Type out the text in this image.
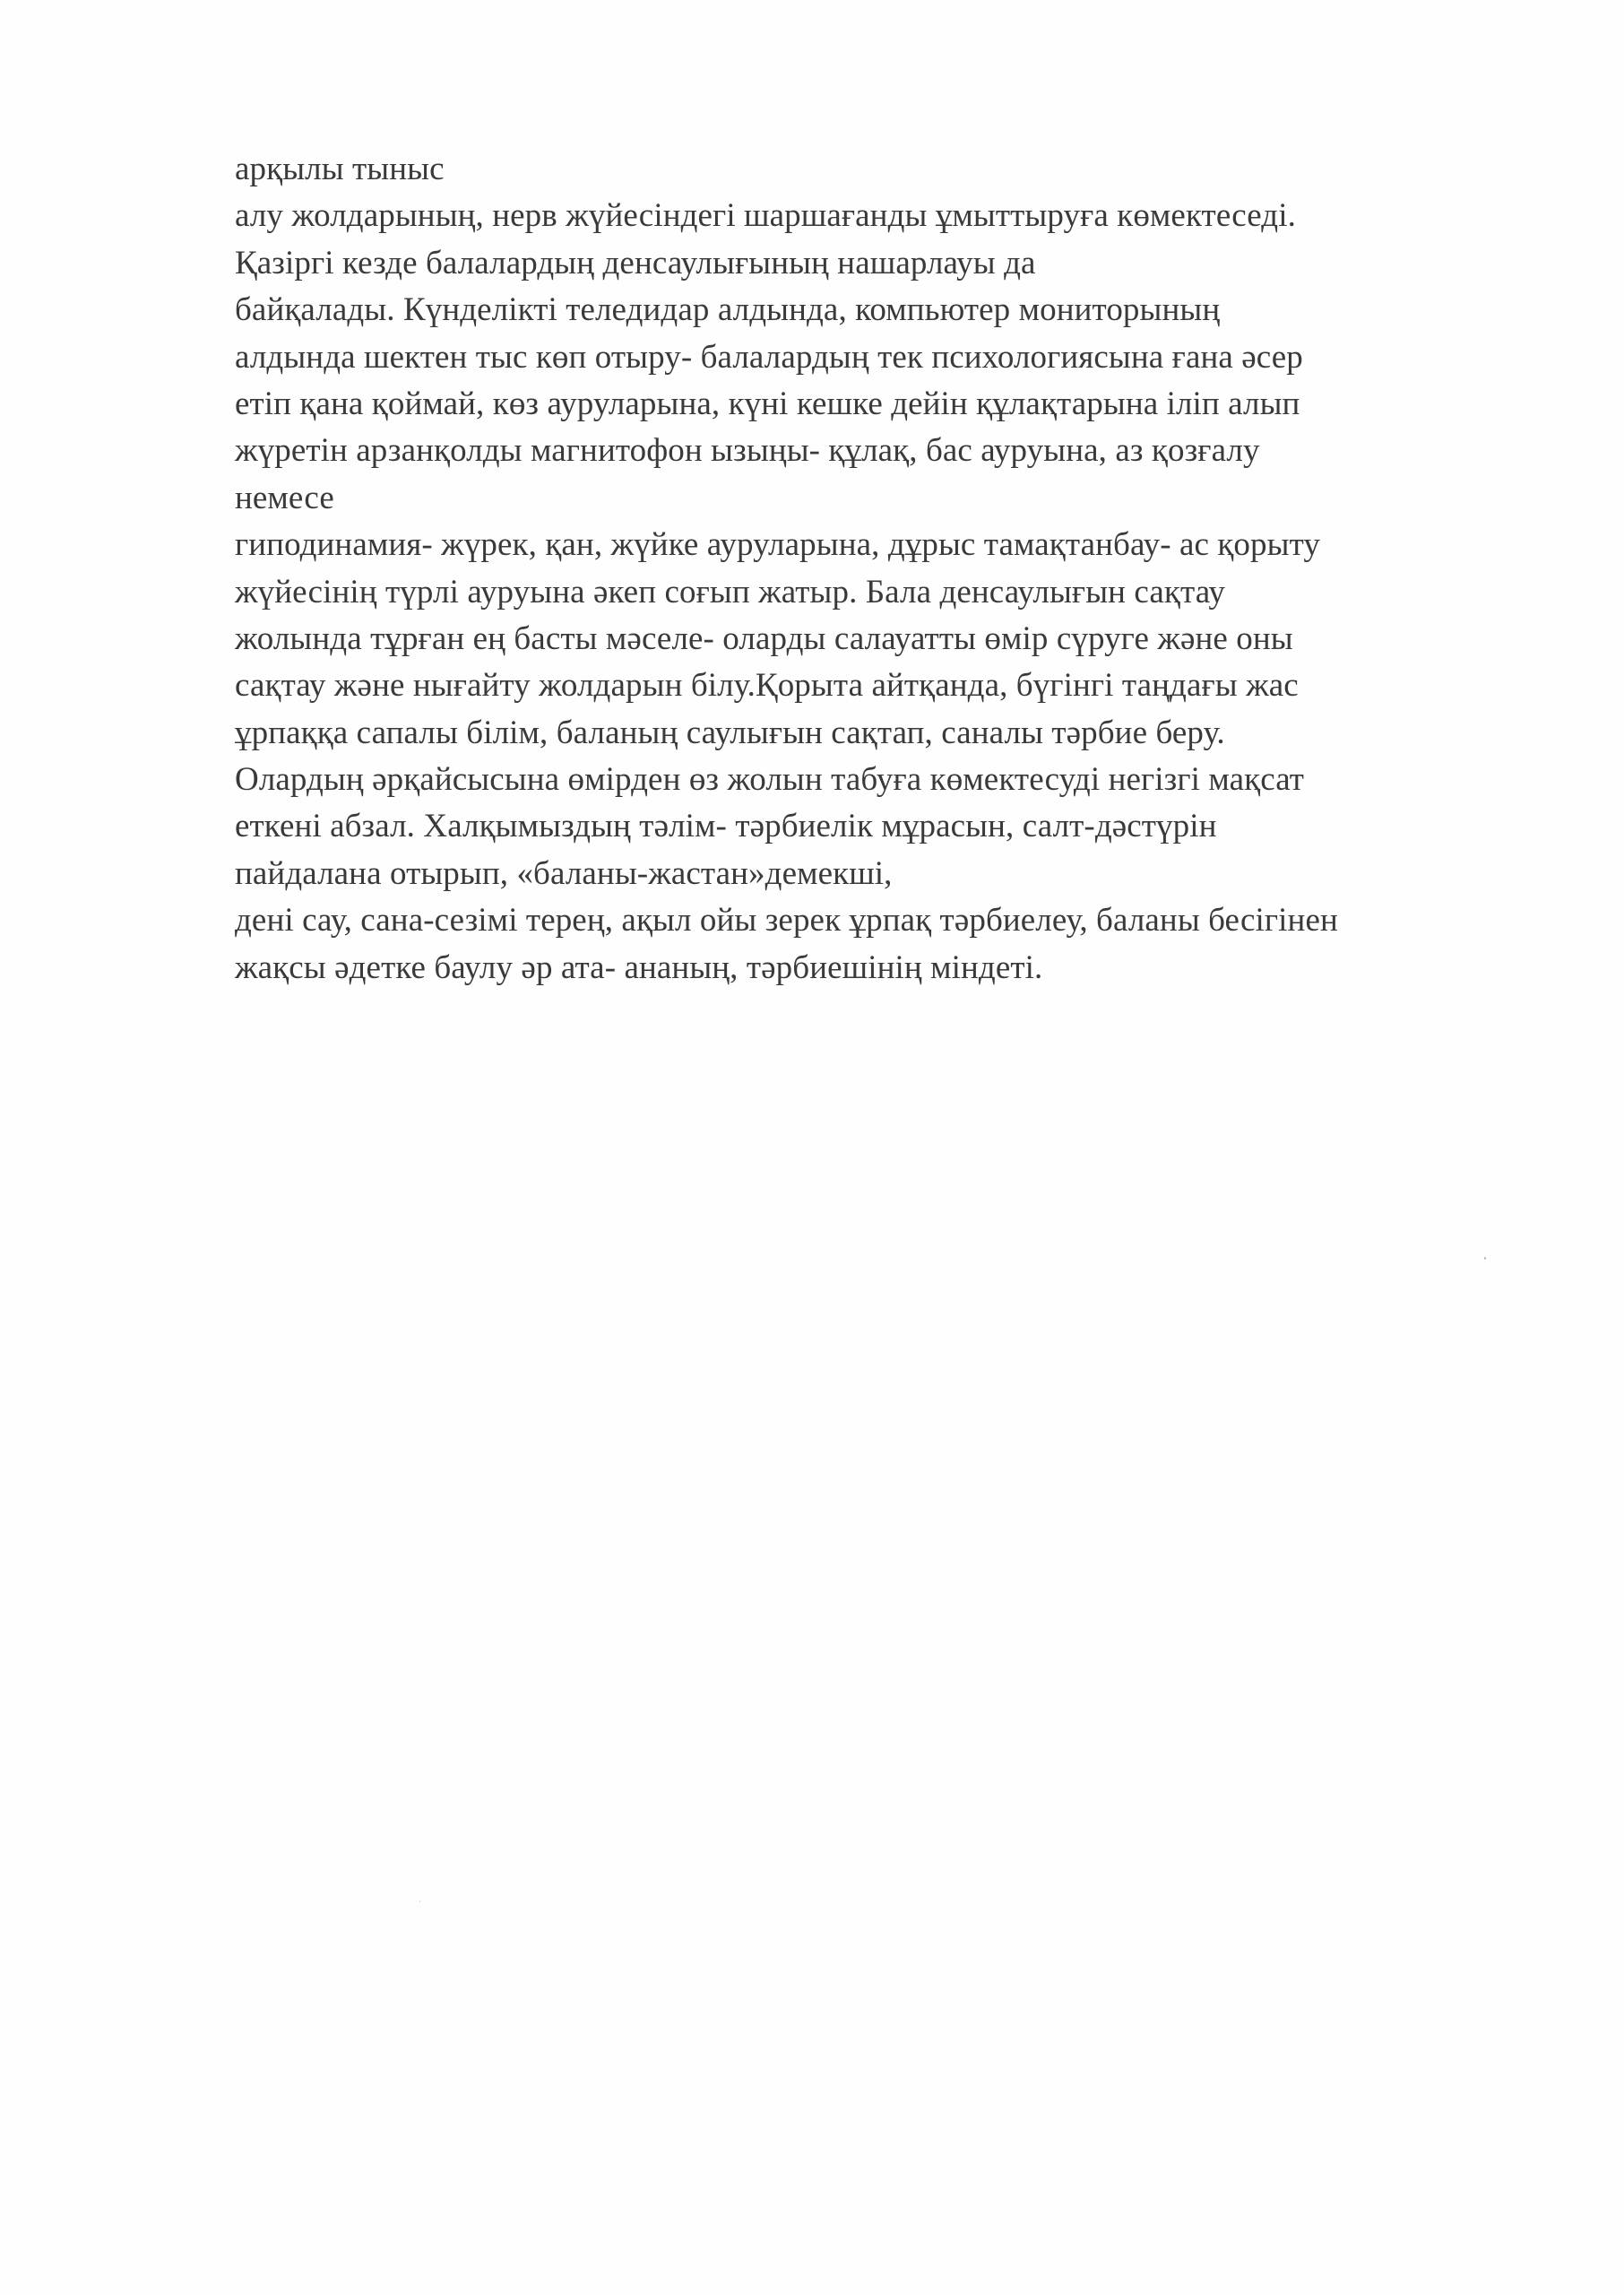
арқылы тыныс
алу жолдарының, нерв жүйесіндегі шаршағанды ұмыттыруға көмектеседі.
Қазіргі кезде балалардың денсаулығының нашарлауы да
байқалады. Күнделікті теледидар алдында, компьютер мониторының
алдында шектен тыс көп отыру- балалардың тек психологиясына ғана әсер
етіп қана қоймай, көз ауруларына, күні кешке дейін құлақтарына іліп алып
жүретін арзанқолды магнитофон ызыңы- құлақ, бас ауруына, аз қозғалу
немесе
гиподинамия- жүрек, қан, жүйке ауруларына, дұрыс тамақтанбау- ас қорыту
жүйесінің түрлі ауруына әкеп соғып жатыр. Бала денсаулығын сақтау
жолында тұрған ең басты мәселе- оларды салауатты өмір сүруге және оны
сақтау және нығайту жолдарын білу.Қорыта айтқанда, бүгінгі таңдағы жас
ұрпаққа сапалы білім, баланың саулығын сақтап, саналы тәрбие беру.
Олардың әрқайсысына өмірден өз жолын табуға көмектесуді негізгі мақсат
еткені абзал. Халқымыздың тәлім- тәрбиелік мұрасын, салт-дәстүрін
пайдалана отырып, «баланы-жастан»демекші,
дені сау, сана-сезімі терең, ақыл ойы зерек ұрпақ тәрбиелеу, баланы бесігінен
жақсы әдетке баулу әр ата- ананың, тәрбиешінің міндеті.
